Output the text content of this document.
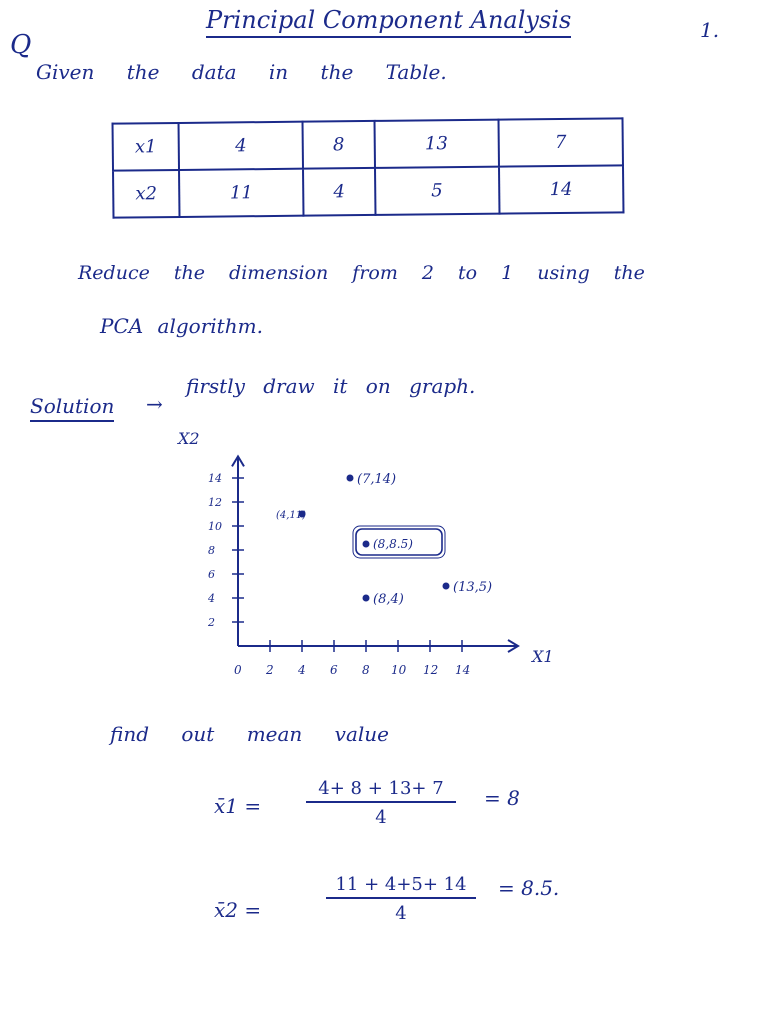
Principal Component Analysis
Q	1.
Given the data in the Table.
x1	4	8	13	7
x2	11	4	5	14
Reduce the dimension from 2 to 1 using the
PCA algorithm.
Solution →
firstly draw it on graph.
X2
X1
0 2 4 6 8 10 12 14
2
4
6
8
10
12
14
(4,11)
(7,14)
(8,8.5)
(13,5)
(8,4)
find out mean value
x̄1 = $\frac{4+ 8 + 13+ 7}{4} = 8$
x̄2 =	$\frac{11 + 4+5+ 14}{4} = 8.5$.
